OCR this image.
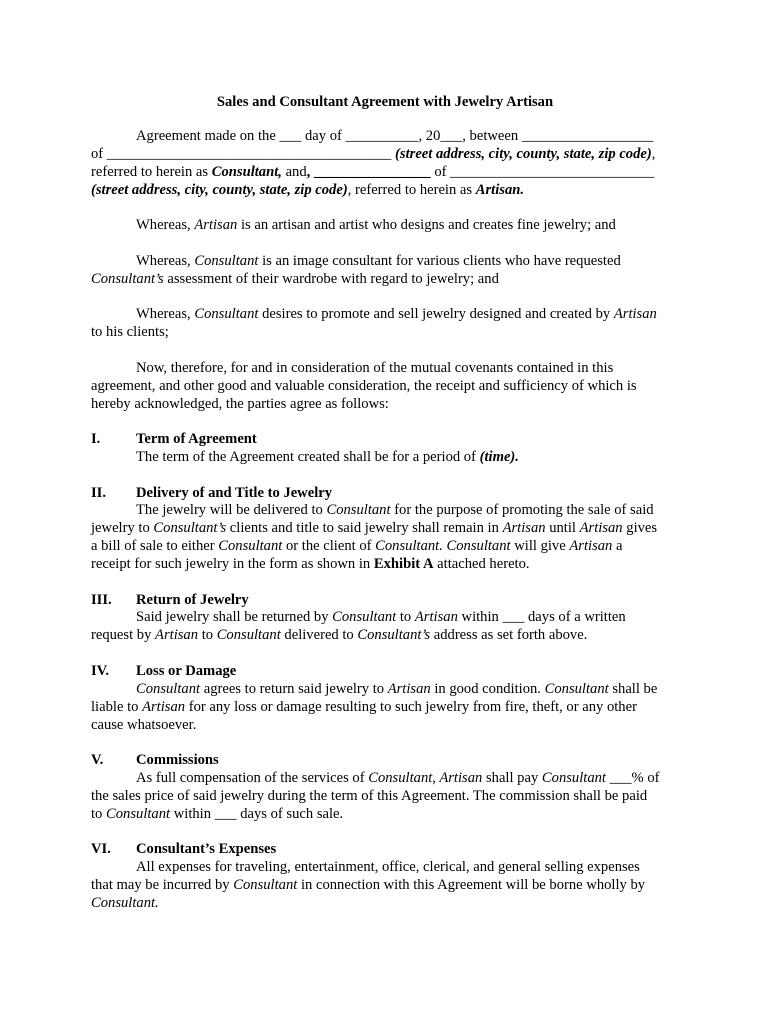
Sales and Consultant Agreement with Jewelry Artisan
Agreement made on the ___ day of __________, 20___, between __________________
of _______________________________________ (street address, city, county, state, zip code),
referred to herein as Consultant, and, ________________ of ____________________________
(street address, city, county, state, zip code), referred to herein as Artisan.
Whereas, Artisan is an artisan and artist who designs and creates fine jewelry; and
Whereas, Consultant is an image consultant for various clients who have requested
Consultant’s assessment of their wardrobe with regard to jewelry; and
Whereas, Consultant desires to promote and sell jewelry designed and created by Artisan
to his clients;
Now, therefore, for and in consideration of the mutual covenants contained in this
agreement, and other good and valuable consideration, the receipt and sufficiency of which is
hereby acknowledged, the parties agree as follows:
I. Term of Agreement
The term of the Agreement created shall be for a period of (time).
II. Delivery of and Title to Jewelry
The jewelry will be delivered to Consultant for the purpose of promoting the sale of said
jewelry to Consultant’s clients and title to said jewelry shall remain in Artisan until Artisan gives
a bill of sale to either Consultant or the client of Consultant. Consultant will give Artisan a
receipt for such jewelry in the form as shown in Exhibit A attached hereto.
III. Return of Jewelry
Said jewelry shall be returned by Consultant to Artisan within ___ days of a written
request by Artisan to Consultant delivered to Consultant’s address as set forth above.
IV. Loss or Damage
Consultant agrees to return said jewelry to Artisan in good condition. Consultant shall be
liable to Artisan for any loss or damage resulting to such jewelry from fire, theft, or any other
cause whatsoever.
V. Commissions
As full compensation of the services of Consultant, Artisan shall pay Consultant ___% of
the sales price of said jewelry during the term of this Agreement. The commission shall be paid
to Consultant within ___ days of such sale.
VI. Consultant’s Expenses
All expenses for traveling, entertainment, office, clerical, and general selling expenses
that may be incurred by Consultant in connection with this Agreement will be borne wholly by
Consultant.
